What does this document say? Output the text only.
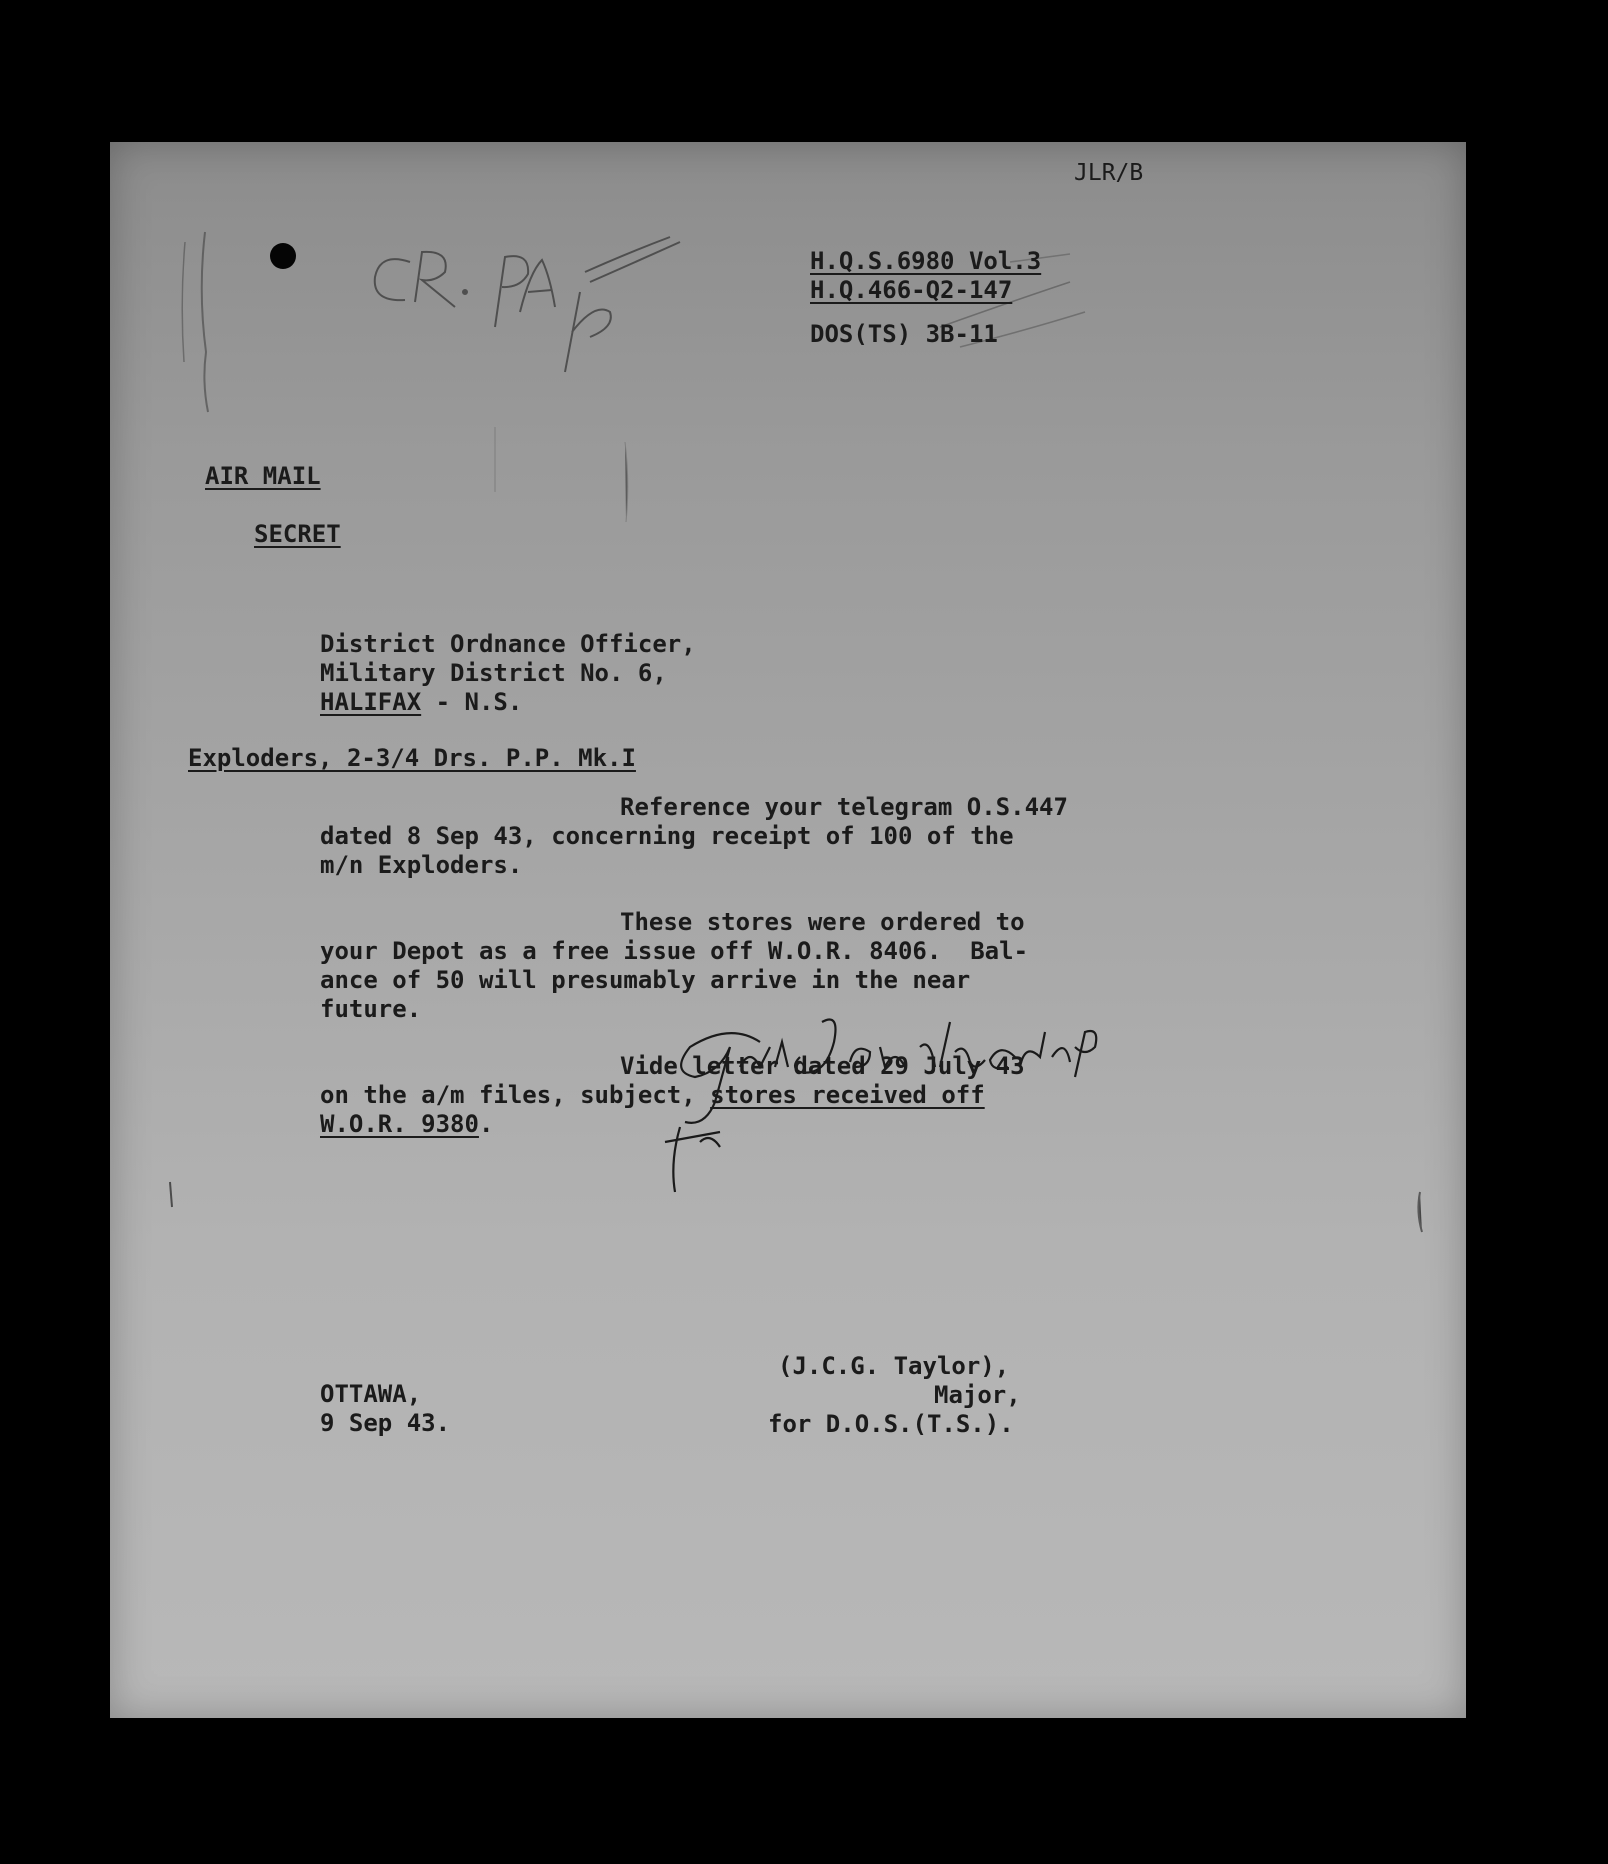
JLR/B
H.Q.S.6980 Vol.3
H.Q.466-Q2-147
DOS(TS) 3B-11
AIR MAIL
SECRET
District Ordnance Officer,
Military District No. 6,
HALIFAX - N.S.
Exploders, 2-3/4 Drs. P.P. Mk.I
Reference your telegram O.S.447
dated 8 Sep 43, concerning receipt of 100 of the
m/n Exploders.
These stores were ordered to
your Depot as a free issue off W.O.R. 8406.  Bal-
ance of 50 will presumably arrive in the near
future.
Vide letter dated 29 July 43
on the a/m files, subject, stores received off
W.O.R. 9380.
(J.C.G. Taylor),
Major,
for D.O.S.(T.S.).
OTTAWA,
9 Sep 43.
